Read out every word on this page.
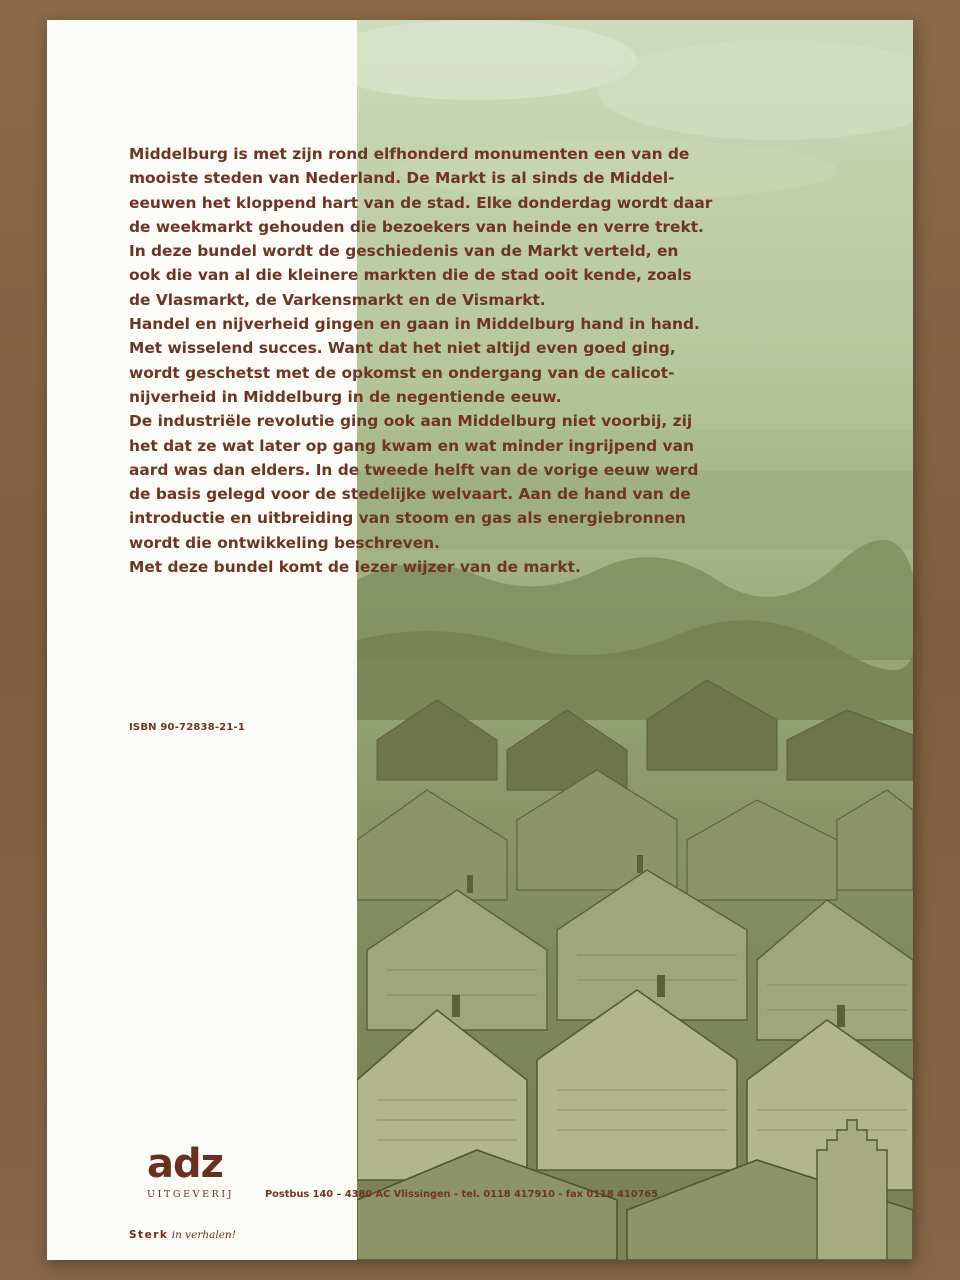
Middelburg is met zijn rond elfhonderd monumenten een van de

mooiste steden van Nederland. De Markt is al sinds de Middel-

eeuwen het kloppend hart van de stad. Elke donderdag wordt daar

de weekmarkt gehouden die bezoekers van heinde en verre trekt.

In deze bundel wordt de geschiedenis van de Markt verteld, en

ook die van al die kleinere markten die de stad ooit kende, zoals

de Vlasmarkt, de Varkensmarkt en de Vismarkt.

Handel en nijverheid gingen en gaan in Middelburg hand in hand.

Met wisselend succes. Want dat het niet altijd even goed ging,

wordt geschetst met de opkomst en ondergang van de calicot-

nijverheid in Middelburg in de negentiende eeuw.

De industriële revolutie ging ook aan Middelburg niet voorbij, zij

het dat ze wat later op gang kwam en wat minder ingrijpend van

aard was dan elders. In de tweede helft van de vorige eeuw werd

de basis gelegd voor de stedelijke welvaart. Aan de hand van de

introductie en uitbreiding van stoom en gas als energiebronnen

wordt die ontwikkeling beschreven.

Met deze bundel komt de lezer wijzer van de markt.

ISBN 90-72838-21-1
adz
UITGEVERIJ
Sterk in verhalen!
Postbus 140 – 4380 AC Vlissingen - tel. 0118 417910 - fax 0118 410765
